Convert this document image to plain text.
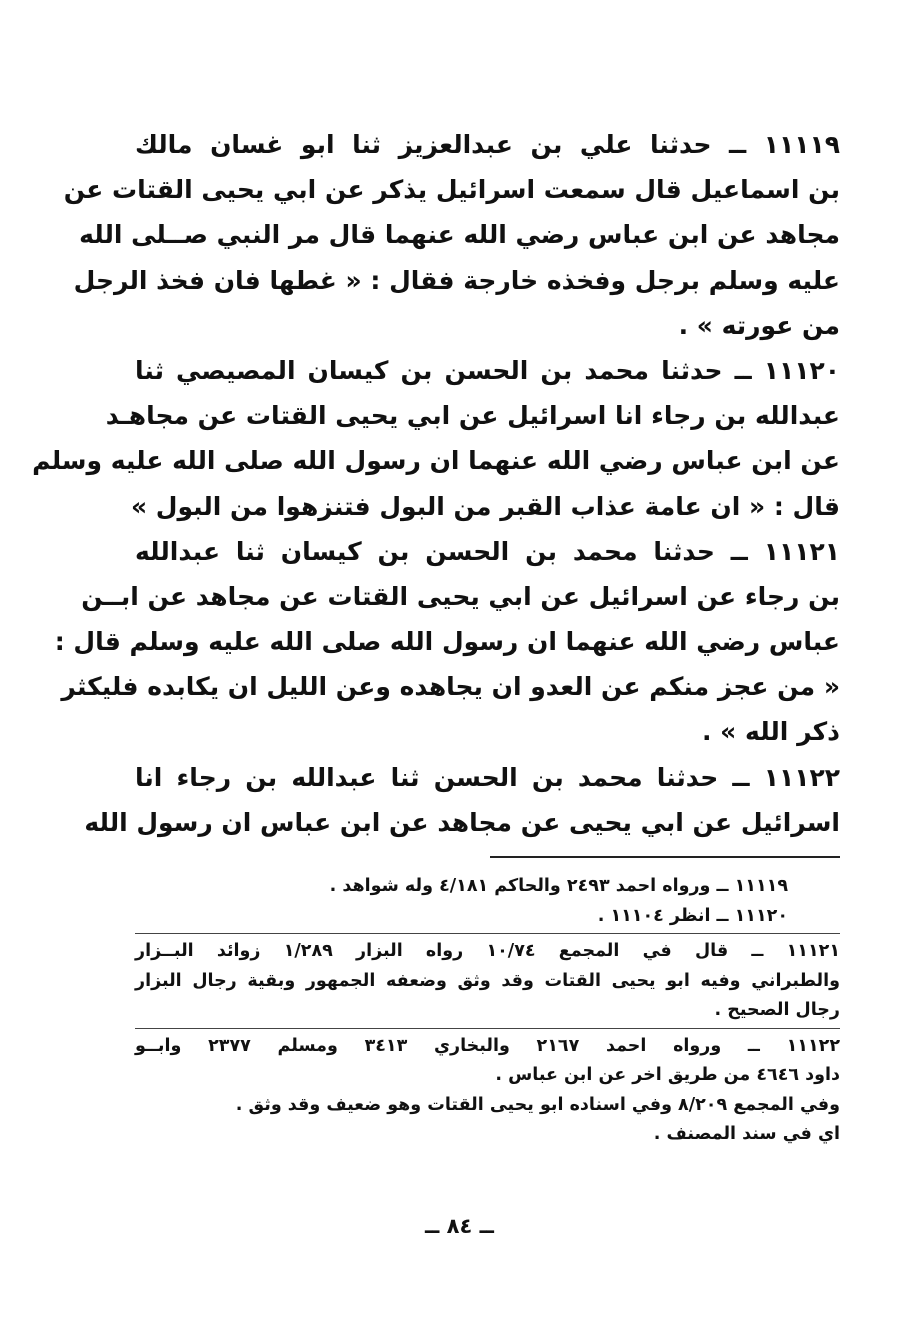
١١١١٩ ــ حدثنا علي بن عبدالعزيز ثنا ابو غسان مالك
بن اسماعيل قال سمعت اسرائيل يذكر عن ابي يحيى القتات عن
مجاهد عن ابن عباس رضي الله عنهما قال مر النبي صــلى الله
عليه وسلم برجل وفخذه خارجة فقال : « غطها فان فخذ الرجل
من عورته » .
١١١٢٠ ــ حدثنا محمد بن الحسن بن كيسان المصيصي ثنا
عبدالله بن رجاء انا اسرائيل عن ابي يحيى القتات عن مجاهـد
عن ابن عباس رضي الله عنهما ان رسول الله صلى الله عليه وسلم
قال : « ان عامة عذاب القبر من البول فتنزهوا من البول »
١١١٢١ ــ حدثنا محمد بن الحسن بن كيسان ثنا عبدالله
بن رجاء عن اسرائيل عن ابي يحيى القتات عن مجاهد عن ابــن
عباس رضي الله عنهما ان رسول الله صلى الله عليه وسلم قال :
« من عجز منكم عن العدو ان يجاهده وعن الليل ان يكابده فليكثر
ذكر الله » .
١١١٢٢ ــ حدثنا محمد بن الحسن ثنا عبدالله بن رجاء انا
اسرائيل عن ابي يحيى عن مجاهد عن ابن عباس ان رسول الله
١١١١٩ ــ ورواه احمد ٢٤٩٣ والحاكم ٤/١٨١ وله شواهد .
١١١٢٠ ــ انظر ١١١٠٤ .
١١١٢١ ــ قال في المجمع ١٠/٧٤ رواه البزار ١/٢٨٩ زوائد البــزار
والطبراني وفيه ابو يحيى القتات وقد وثق وضعفه الجمهور وبقية رجال البزار
رجال الصحيح .
١١١٢٢ ــ ورواه احمد ٢١٦٧ والبخاري ٣٤١٣ ومسلم ٢٣٧٧ وابــو
داود ٤٦٤٦ من طريق اخر عن ابن عباس .
وفي المجمع ٨/٢٠٩ وفي اسناده ابو يحيى القتات وهو ضعيف وقد وثق .
اي في سند المصنف .
ــ ٨٤ ــ
